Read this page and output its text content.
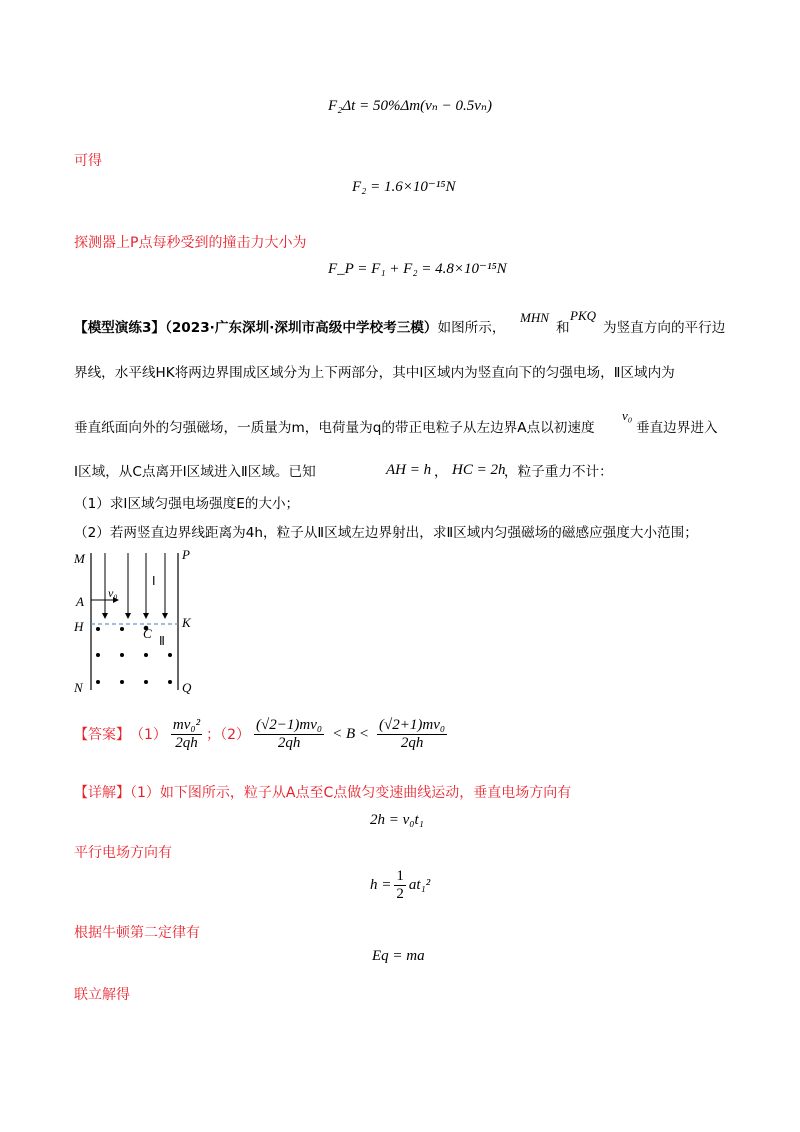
F₂Δt = 50%Δm(vₙ − 0.5vₙ)
可得
F₂ = 1.6×10⁻¹⁵N
探测器上P点每秒受到的撞击力大小为
F_P = F₁ + F₂ = 4.8×10⁻¹⁵N
【模型演练3】（2023·广东深圳·深圳市高级中学校考三模）如图所示，
MHN
和
PKQ
为竖直方向的平行边
界线，水平线HK将两边界围成区域分为上下两部分，其中Ⅰ区域内为竖直向下的匀强电场，Ⅱ区域内为
垂直纸面向外的匀强磁场，一质量为m，电荷量为q的带正电粒子从左边界A点以初速度
v₀
垂直边界进入
Ⅰ区域，从C点离开Ⅰ区域进入Ⅱ区域。已知	AH = h ， HC = 2h
，粒子重力不计：
（1）求Ⅰ区域匀强电场强度E的大小；
（2）若两竖直边界线距离为4h，粒子从Ⅱ区域左边界射出，求Ⅱ区域内匀强磁场的磁感应强度大小范围；
M	P
A
H	K
N	Q
C
v₀
Ⅰ
Ⅱ
【答案】 $(1) \frac{\text{mv₀²}}{2qh}$ ；$(2) \frac{\text{(√2−1)mv₀}}{2qh} < B < \frac{\text{(√2+1)mv₀}}{2qh}$
【详解】（1）如下图所示，粒子从A点至C点做匀变速曲线运动，垂直电场方向有
2h = v₀t₁
平行电场方向有
$h = \frac{1}{2} at_1^2$
根据牛顿第二定律有
Eq = ma
联立解得
